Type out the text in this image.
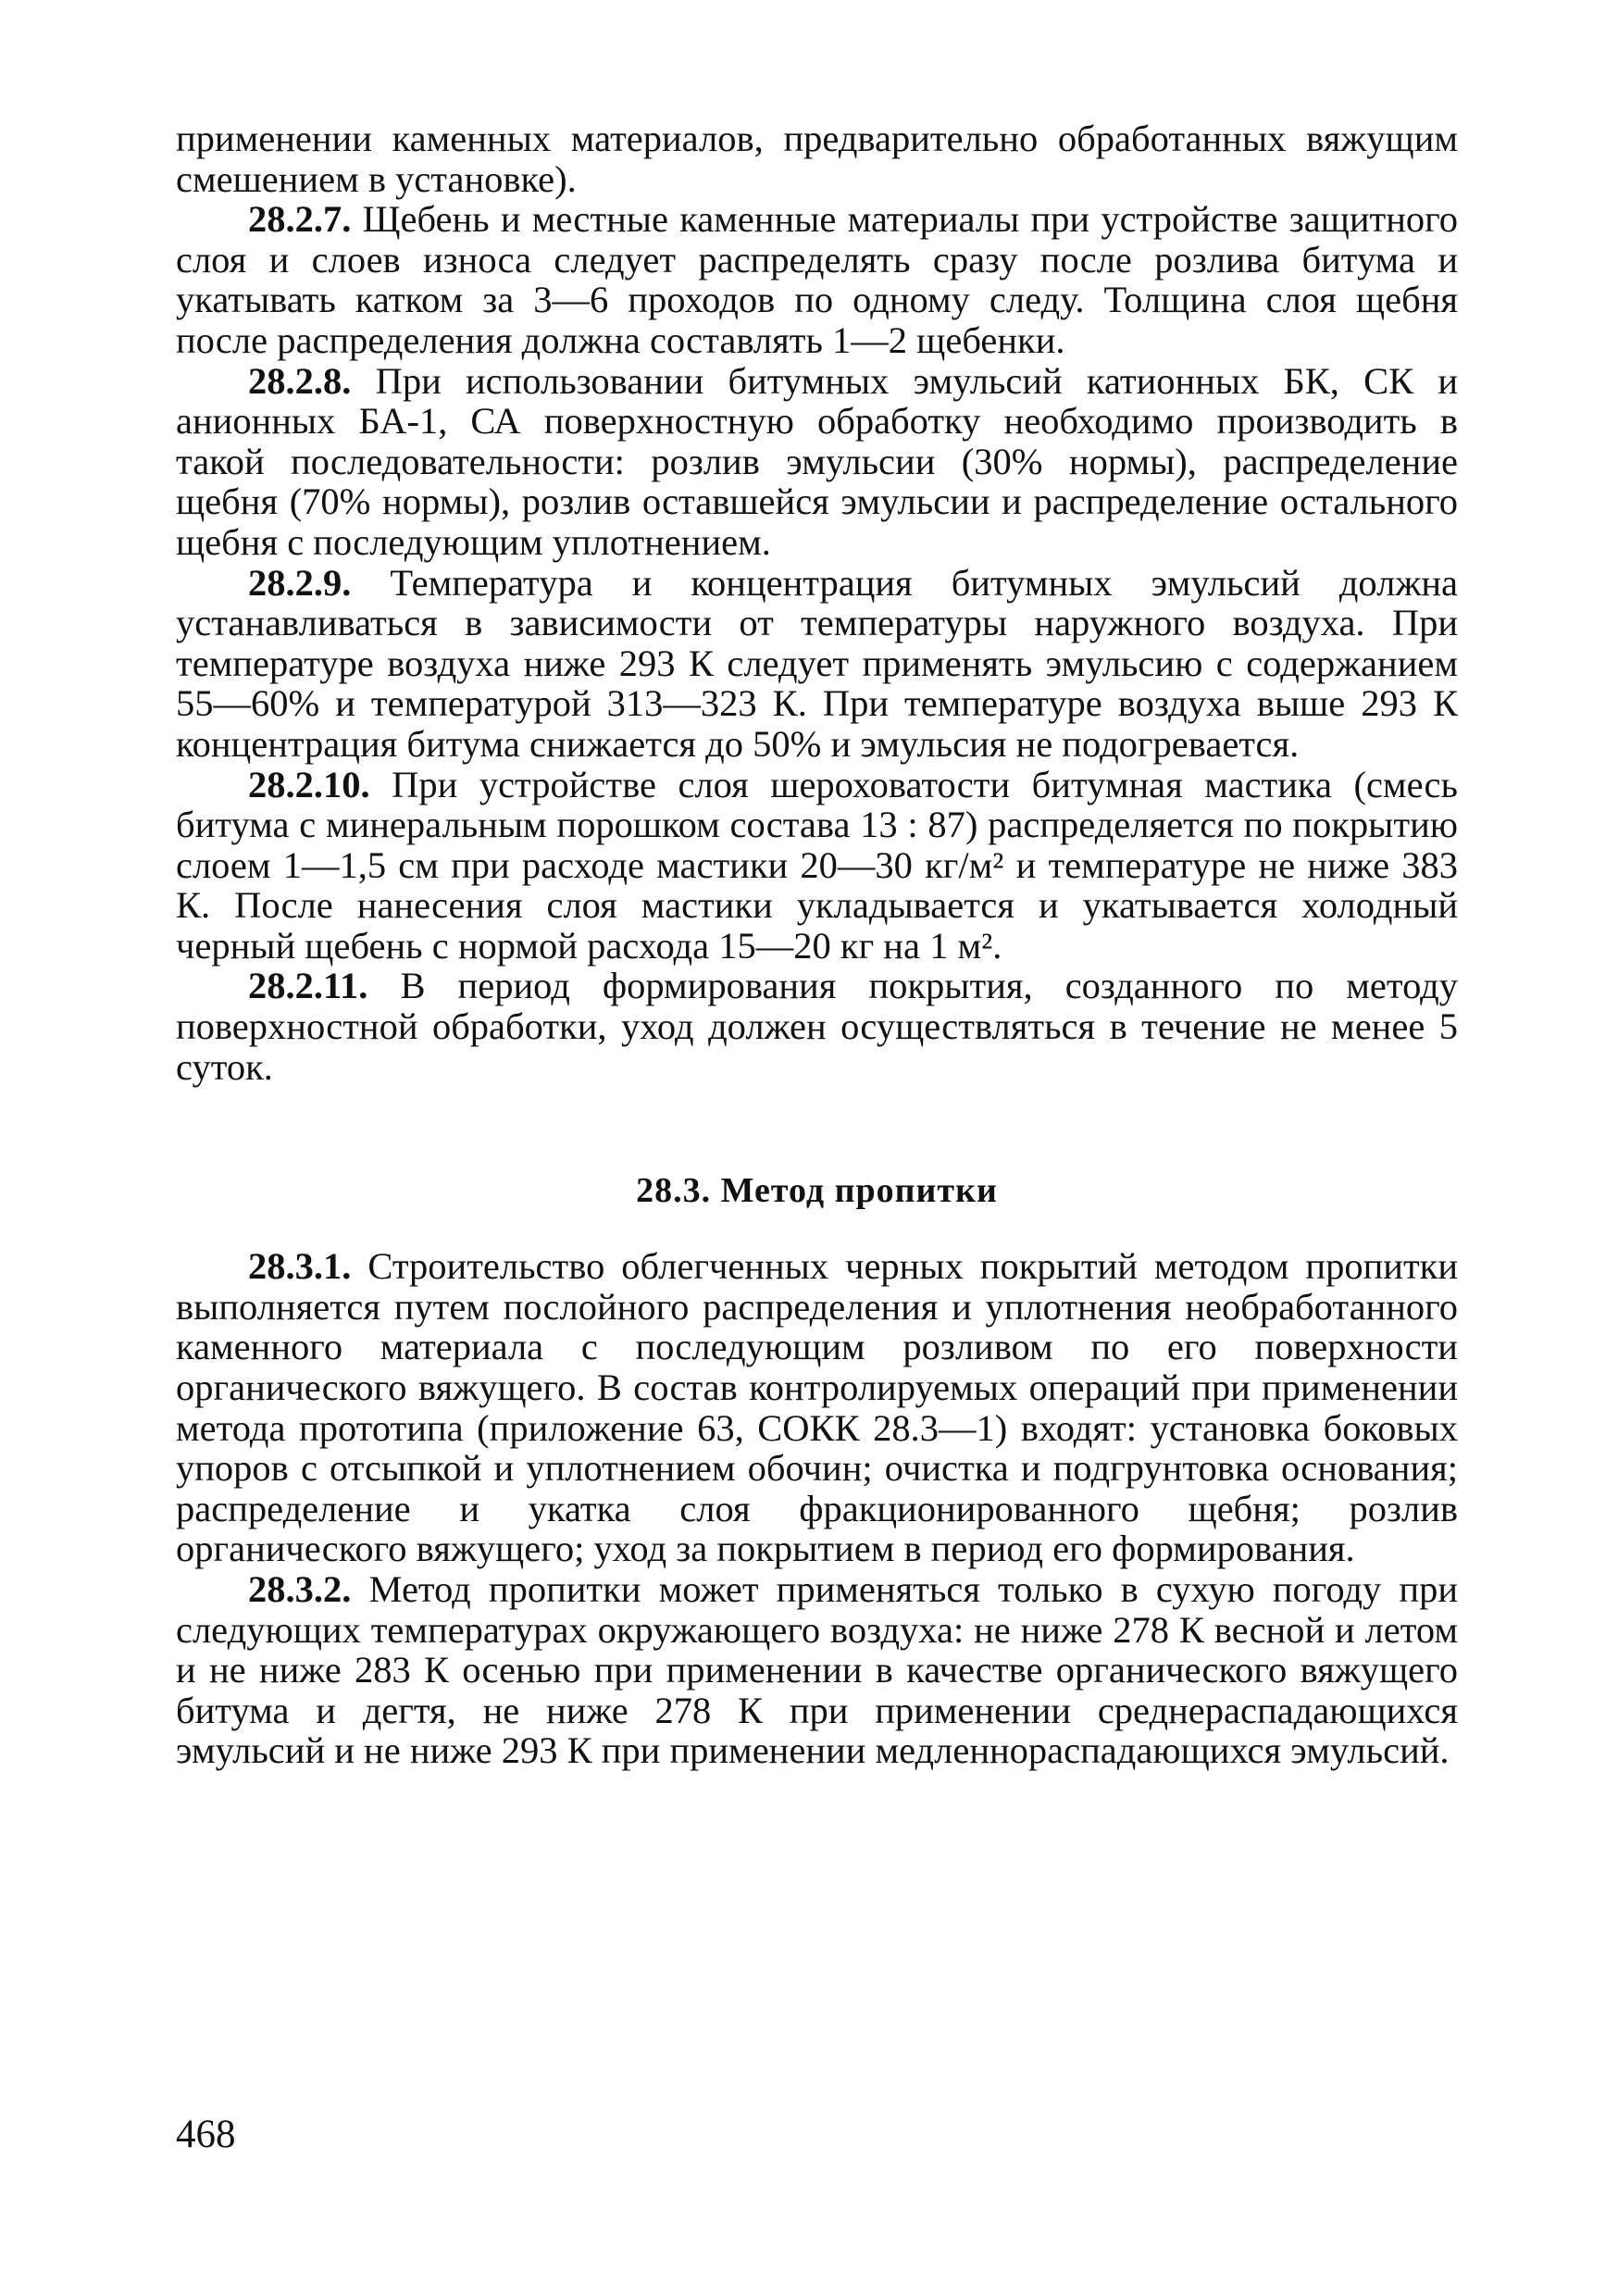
применении каменных материалов, предварительно обработанных вяжущим смешением в установке).

28.2.7. Щебень и местные каменные материалы при устройстве защитного слоя и слоев износа следует распределять сразу после розлива битума и укатывать катком за 3—6 проходов по одному следу. Толщина слоя щебня после распределения должна составлять 1—2 щебенки.

28.2.8. При использовании битумных эмульсий катионных БК, СК и анионных БА-1, СА поверхностную обработку необходимо производить в такой последовательности: розлив эмульсии (30% нормы), распределение щебня (70% нормы), розлив оставшейся эмульсии и распределение остального щебня с последующим уплотнением.

28.2.9. Температура и концентрация битумных эмульсий должна устанавливаться в зависимости от температуры наружного воздуха. При температуре воздуха ниже 293 К следует применять эмульсию с содержанием 55—60% и температурой 313—323 К. При температуре воздуха выше 293 К концентрация битума снижается до 50% и эмульсия не подогревается.

28.2.10. При устройстве слоя шероховатости битумная мастика (смесь битума с минеральным порошком состава 13 : 87) распределяется по покрытию слоем 1—1,5 см при расходе мастики 20—30 кг/м² и температуре не ниже 383 К. После нанесения слоя мастики укладывается и укатывается холодный черный щебень с нормой расхода 15—20 кг на 1 м².

28.2.11. В период формирования покрытия, созданного по методу поверхностной обработки, уход должен осуществляться в течение не менее 5 суток.

28.3. Метод пропитки

28.3.1. Строительство облегченных черных покрытий методом пропитки выполняется путем послойного распределения и уплотнения необработанного каменного материала с последующим розливом по его поверхности органического вяжущего. В состав контролируемых операций при применении метода прототипа (приложение 63, СОКК 28.3—1) входят: установка боковых упоров с отсыпкой и уплотнением обочин; очистка и подгрунтовка основания; распределение и укатка слоя фракционированного щебня; розлив органического вяжущего; уход за покрытием в период его формирования.

28.3.2. Метод пропитки может применяться только в сухую погоду при следующих температурах окружающего воздуха: не ниже 278 К весной и летом и не ниже 283 К осенью при применении в качестве органического вяжущего битума и дегтя, не ниже 278 К при применении среднераспадающихся эмульсий и не ниже 293 К при применении медленнораспадающихся эмульсий.

468
